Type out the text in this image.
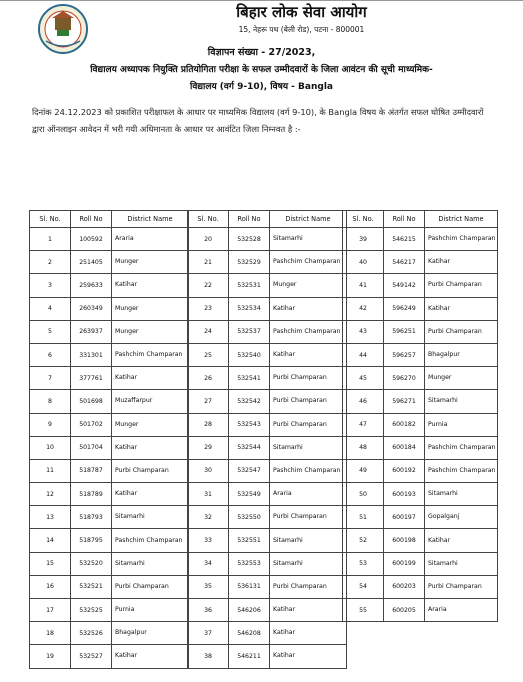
बिहार लोक सेवा आयोग
15, नेहरू पथ (बेली रोड), पटना - 800001
विज्ञापन संख्या - 27/2023,
विद्यालय अध्यापक नियुक्ति प्रतियोगिता परीक्षा के सफल उम्मीदवारों के जिला आवंटन की सूची माध्यमिक-
विद्यालय (वर्ग 9-10), विषय - Bangla
दिनांक 24.12.2023 को प्रकाशित परीक्षाफल के आधार पर माध्यमिक विद्यालय (वर्ग 9-10), के Bangla विषय के अंतर्गत सफल घोषित उम्मीदवारों द्वारा ऑनलाइन आवेदन में भरी गयी अधिमानता के आधार पर आवंटित जिला निम्नवत है :-
Sl. No.	Roll No	District Name
1	100592	Araria
2	251405	Munger
3	259633	Katihar
4	260349	Munger
5	263937	Munger
6	331301	Pashchim Champaran
7	377761	Katihar
8	501698	Muzaffarpur
9	501702	Munger
10	501704	Katihar
11	518787	Purbi Champaran
12	518789	Katihar
13	518793	Sitamarhi
14	518795	Pashchim Champaran
15	532520	Sitamarhi
16	532521	Purbi Champaran
17	532525	Purnia
18	532526	Bhagalpur
19	532527	Katihar
Sl. No.	Roll No	District Name
20	532528	Sitamarhi
21	532529	Pashchim Champaran
22	532531	Munger
23	532534	Katihar
24	532537	Pashchim Champaran
25	532540	Katihar
26	532541	Purbi Champaran
27	532542	Purbi Champaran
28	532543	Purbi Champaran
29	532544	Sitamarhi
30	532547	Pashchim Champaran
31	532549	Araria
32	532550	Purbi Champaran
33	532551	Sitamarhi
34	532553	Sitamarhi
35	536131	Purbi Champaran
36	546206	Katihar
37	546208	Katihar
38	546211	Katihar
Sl. No.	Roll No	District Name
39	546215	Pashchim Champaran
40	546217	Katihar
41	549142	Purbi Champaran
42	596249	Katihar
43	596251	Purbi Champaran
44	596257	Bhagalpur
45	596270	Munger
46	596271	Sitamarhi
47	600182	Purnia
48	600184	Pashchim Champaran
49	600192	Pashchim Champaran
50	600193	Sitamarhi
51	600197	Gopalganj
52	600198	Katihar
53	600199	Sitamarhi
54	600203	Purbi Champaran
55	600205	Araria
